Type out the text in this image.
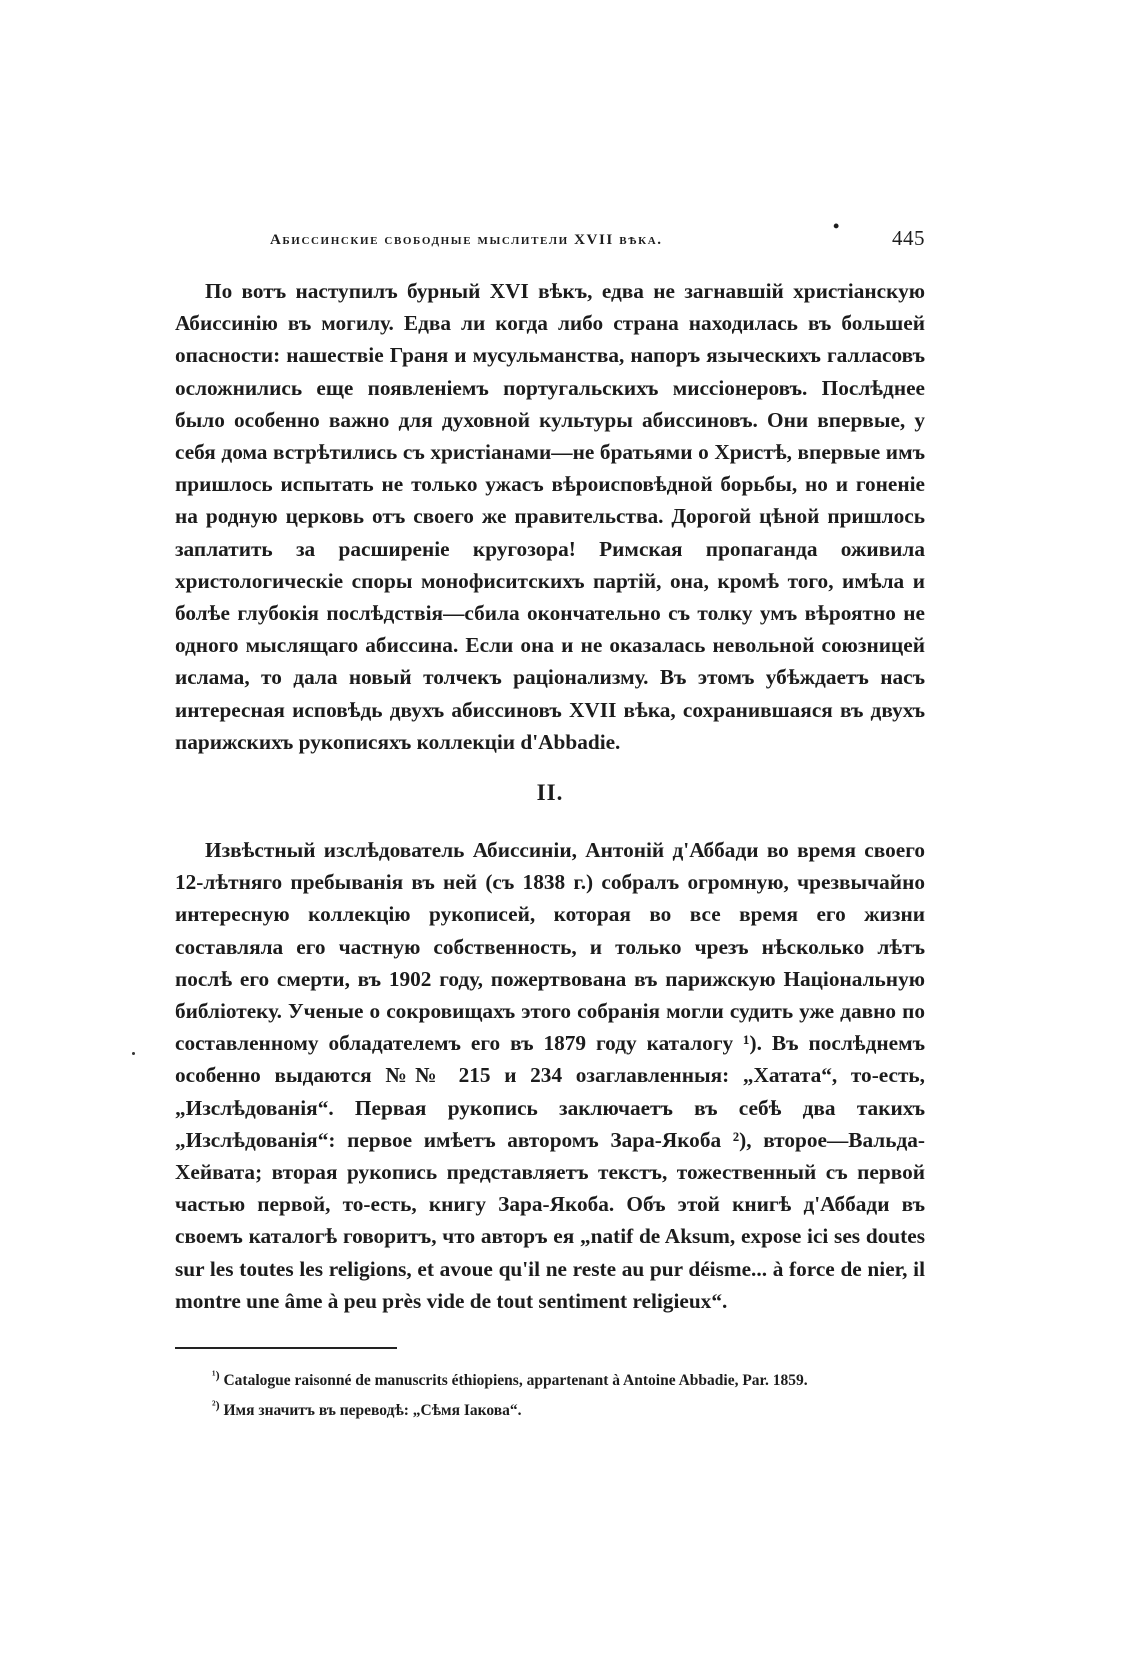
Абиссинские свободные мыслители XVII вѣка.
• 445

По вотъ наступилъ бурный XVI вѣкъ, едва не загнавшій христіанскую Абиссинію въ могилу. Едва ли когда либо страна находилась въ большей опасности: нашествіе Граня и мусульманства, напоръ языческихъ галласовъ осложнились еще появленіемъ португальскихъ миссіонеровъ. Послѣднее было особенно важно для духовной культуры абиссиновъ. Они впервые, у себя дома встрѣтились съ христіанами—не братьями о Христѣ, впервые имъ пришлось испытать не только ужасъ вѣроисповѣдной борьбы, но и гоненіе на родную церковь отъ своего же правительства. Дорогой цѣной пришлось заплатить за расширеніе кругозора! Римская пропаганда оживила христологическіе споры монофиситскихъ партій, она, кромѣ того, имѣла и болѣе глубокія послѣдствія—сбила окончательно съ толку умъ вѣроятно не одного мыслящаго абиссина. Если она и не оказалась невольной союзницей ислама, то дала новый толчекъ раціонализму. Въ этомъ убѣждаетъ насъ интересная исповѣдь двухъ абиссиновъ XVII вѣка, сохранившаяся въ двухъ парижскихъ рукописяхъ коллекціи d'Abbadie.

II.

Извѣстный изслѣдователь Абиссиніи, Антоній д'Аббади во время своего 12-лѣтняго пребыванія въ ней (съ 1838 г.) собралъ огромную, чрезвычайно интересную коллекцію рукописей, которая во все время его жизни составляла его частную собственность, и только чрезъ нѣсколько лѣтъ послѣ его смерти, въ 1902 году, пожертвована въ парижскую Національную библіотеку. Ученые о сокровищахъ этого собранія могли судить уже давно по составленному обладателемъ его въ 1879 году каталогу ¹). Въ послѣднемъ особенно выдаются №№ 215 и 234 озаглавленныя: „Хатата“, то-есть, „Изслѣдованія“. Первая рукопись заключаетъ въ себѣ два такихъ „Изслѣдованія“: первое имѣетъ авторомъ Зара-Якоба ²), второе—Вальда-Хейвата; вторая рукопись представляетъ текстъ, тожественный съ первой частью первой, то-есть, книгу Зара-Якоба. Объ этой книгѣ д'Аббади въ своемъ каталогѣ говоритъ, что авторъ ея „natif de Aksum, expose ici ses doutes sur les toutes les religions, et avoue qu'il ne reste au pur déisme... à force de nier, il montre une âme à peu près vide de tout sentiment religieux“.

$^{^1)}$ Catalogue raisonné de manuscrits éthiopiens, appartenant à Antoine Abbadie, Par. 1859.

$^{^2)}$ Имя значитъ въ переводѣ: „Сѣмя Іакова“.
